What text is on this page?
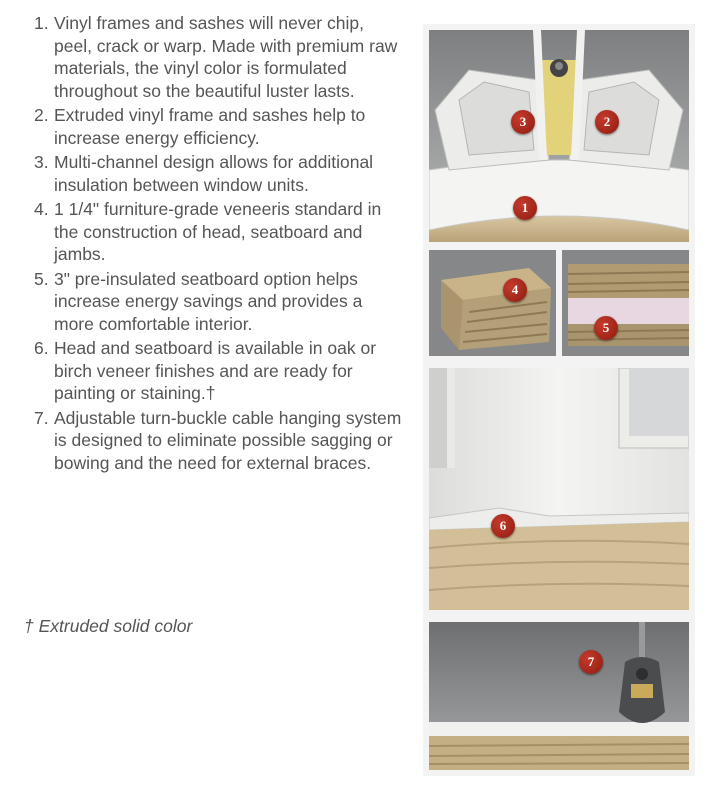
1. Vinyl frames and sashes will never chip, peel, crack or warp. Made with premium raw materials, the vinyl color is formulated throughout so the beautiful luster lasts.
2. Extruded vinyl frame and sashes help to increase energy efficiency.
3. Multi-channel design allows for additional insulation between window units.
4. 1 1/4" furniture-grade veneeris standard in the construction of head, seatboard and jambs.
5. 3" pre-insulated seatboard option helps increase energy savings and provides a more comfortable interior.
6. Head and seatboard is available in oak or birch veneer finishes and are ready for painting or staining.†
7. Adjustable turn-buckle cable hanging system is designed to eliminate possible sagging or bowing and the need for external braces.
† Extruded solid color
3	2
1
4
5
6
7
